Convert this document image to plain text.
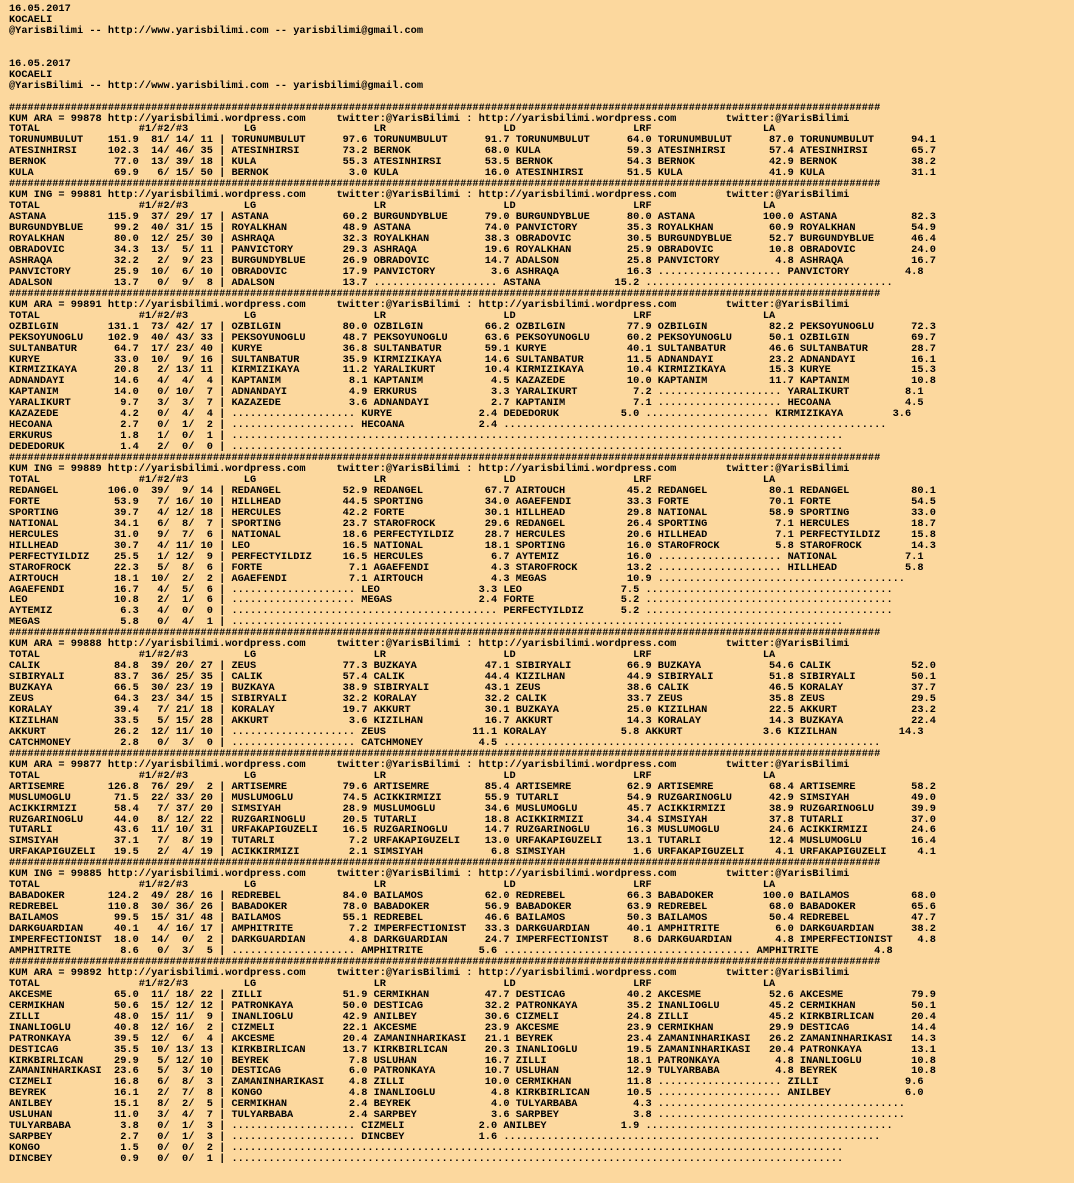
16.05.2017
KOCAELI
@YarisBilimi -- http://www.yarisbilimi.com -- yarisbilimi@gmail.com

16.05.2017
KOCAELI
@YarisBilimi -- http://www.yarisbilimi.com -- yarisbilimi@gmail.com

#############################################################################################################################################
KUM ARA = 99878 http://yarisbilimi.wordpress.com     twitter:@YarisBilimi : http://yarisbilimi.wordpress.com        twitter:@YarisBilimi
TOTAL                #1/#2/#3         LG                   LR                   LD                   LRF                  LA
TORUNUMBULUT    151.9  81/ 14/ 11 | TORUNUMBULUT      97.6 TORUNUMBULUT      91.7 TORUNUMBULUT      64.0 TORUNUMBULUT      87.0 TORUNUMBULUT      94.1
ATESINHIRSI     102.3  14/ 46/ 35 | ATESINHIRSI       73.2 BERNOK            68.0 KULA              59.3 ATESINHIRSI       57.4 ATESINHIRSI       65.7
BERNOK           77.0  13/ 39/ 18 | KULA              55.3 ATESINHIRSI       53.5 BERNOK            54.3 BERNOK            42.9 BERNOK            38.2
KULA             69.9   6/ 15/ 50 | BERNOK             3.0 KULA              16.0 ATESINHIRSI       51.5 KULA              41.9 KULA              31.1
#############################################################################################################################################
KUM ING = 99881 http://yarisbilimi.wordpress.com     twitter:@YarisBilimi : http://yarisbilimi.wordpress.com        twitter:@YarisBilimi
TOTAL                #1/#2/#3         LG                   LR                   LD                   LRF                  LA
ASTANA          115.9  37/ 29/ 17 | ASTANA            60.2 BURGUNDYBLUE      79.0 BURGUNDYBLUE      80.0 ASTANA           100.0 ASTANA            82.3
BURGUNDYBLUE     99.2  40/ 31/ 15 | ROYALKHAN         48.9 ASTANA            74.0 PANVICTORY        35.3 ROYALKHAN         60.9 ROYALKHAN         54.9
ROYALKHAN        80.0  12/ 25/ 30 | ASHRAQA           32.3 ROYALKHAN         38.3 OBRADOVIC         30.5 BURGUNDYBLUE      52.7 BURGUNDYBLUE      46.4
OBRADOVIC        34.3  13/  5/ 11 | PANVICTORY        29.3 ASHRAQA           19.6 ROYALKHAN         25.9 OBRADOVIC         10.8 OBRADOVIC         24.0
ASHRAQA          32.2   2/  9/ 23 | BURGUNDYBLUE      26.9 OBRADOVIC         14.7 ADALSON           25.8 PANVICTORY         4.8 ASHRAQA           16.7
PANVICTORY       25.9  10/  6/ 10 | OBRADOVIC         17.9 PANVICTORY         3.6 ASHRAQA           16.3 .................... PANVICTORY         4.8
ADALSON          13.7   0/  9/  8 | ADALSON           13.7 .................... ASTANA            15.2 ........................................
#############################################################################################################################################
KUM ARA = 99891 http://yarisbilimi.wordpress.com     twitter:@YarisBilimi : http://yarisbilimi.wordpress.com        twitter:@YarisBilimi
TOTAL                #1/#2/#3         LG                   LR                   LD                   LRF                  LA
OZBILGIN        131.1  73/ 42/ 17 | OZBILGIN          80.0 OZBILGIN          66.2 OZBILGIN          77.9 OZBILGIN          82.2 PEKSOYUNOGLU      72.3
PEKSOYUNOGLU    102.9  40/ 43/ 33 | PEKSOYUNOGLU      48.7 PEKSOYUNOGLU      63.6 PEKSOYUNOGLU      60.2 PEKSOYUNOGLU      50.1 OZBILGIN          69.7
SULTANBATUR      64.7  17/ 23/ 40 | KURYE             36.8 SULTANBATUR       59.1 KURYE             40.1 SULTANBATUR       46.6 SULTANBATUR       28.7
KURYE            33.0  10/  9/ 16 | SULTANBATUR       35.9 KIRMIZIKAYA       14.6 SULTANBATUR       11.5 ADNANDAYI         23.2 ADNANDAYI         16.1
KIRMIZIKAYA      20.8   2/ 13/ 11 | KIRMIZIKAYA       11.2 YARALIKURT        10.4 KIRMIZIKAYA       10.4 KIRMIZIKAYA       15.3 KURYE             15.3
ADNANDAYI        14.6   4/  4/  4 | KAPTANIM           8.1 KAPTANIM           4.5 KAZAZEDE          10.0 KAPTANIM          11.7 KAPTANIM          10.8
KAPTANIM         14.0   0/ 10/  7 | ADNANDAYI          4.9 ERKURUS            3.3 YARALIKURT         7.2 .................... YARALIKURT         8.1
YARALIKURT        9.7   3/  3/  7 | KAZAZEDE           3.6 ADNANDAYI          2.7 KAPTANIM           7.1 .................... HECOANA            4.5
KAZAZEDE          4.2   0/  4/  4 | .................... KURYE              2.4 DEDEDORUK          5.0 .................... KIRMIZIKAYA        3.6
HECOANA           2.7   0/  1/  2 | .................... HECOANA            2.4 ..............................................................
ERKURUS           1.8   1/  0/  1 | ...................................................................................................
DEDEDORUK         1.4   2/  0/  0 | ...................................................................................................
#############################################################################################################################################
KUM ING = 99889 http://yarisbilimi.wordpress.com     twitter:@YarisBilimi : http://yarisbilimi.wordpress.com        twitter:@YarisBilimi
TOTAL                #1/#2/#3         LG                   LR                   LD                   LRF                  LA
REDANGEL        106.0  39/  9/ 14 | REDANGEL          52.9 REDANGEL          67.7 AIRTOUCH          45.2 REDANGEL          80.1 REDANGEL          80.1
FORTE            53.9   7/ 16/ 10 | HILLHEAD          44.5 SPORTING          34.0 AGAEFENDI         33.3 FORTE             70.1 FORTE             54.5
SPORTING         39.7   4/ 12/ 18 | HERCULES          42.2 FORTE             30.1 HILLHEAD          29.8 NATIONAL          58.9 SPORTING          33.0
NATIONAL         34.1   6/  8/  7 | SPORTING          23.7 STAROFROCK        29.6 REDANGEL          26.4 SPORTING           7.1 HERCULES          18.7
HERCULES         31.0   9/  7/  6 | NATIONAL          18.6 PERFECTYILDIZ     28.7 HERCULES          20.6 HILLHEAD           7.1 PERFECTYILDIZ     15.8
HILLHEAD         30.7   4/ 11/ 10 | LEO               16.5 NATIONAL          18.1 SPORTING          16.0 STAROFROCK         5.8 STAROFROCK        14.3
PERFECTYILDIZ    25.5   1/ 12/  9 | PERFECTYILDIZ     16.5 HERCULES           6.7 AYTEMIZ           16.0 .................... NATIONAL           7.1
STAROFROCK       22.3   5/  8/  6 | FORTE              7.1 AGAEFENDI          4.3 STAROFROCK        13.2 .................... HILLHEAD           5.8
AIRTOUCH         18.1  10/  2/  2 | AGAEFENDI          7.1 AIRTOUCH           4.3 MEGAS             10.9 ........................................
AGAEFENDI        16.7   4/  5/  6 | .................... LEO                3.3 LEO                7.5 ........................................
LEO              10.8   2/  1/  6 | .................... MEGAS              2.4 FORTE              5.2 ........................................
AYTEMIZ           6.3   4/  0/  0 | ........................................... PERFECTYILDIZ      5.2 ........................................
MEGAS             5.8   0/  4/  1 | ...................................................................................................
#############################################################################################################################################
KUM ARA = 99888 http://yarisbilimi.wordpress.com     twitter:@YarisBilimi : http://yarisbilimi.wordpress.com        twitter:@YarisBilimi
TOTAL                #1/#2/#3         LG                   LR                   LD                   LRF                  LA
CALIK            84.8  39/ 20/ 27 | ZEUS              77.3 BUZKAYA           47.1 SIBIRYALI         66.9 BUZKAYA           54.6 CALIK             52.0
SIBIRYALI        83.7  36/ 25/ 35 | CALIK             57.4 CALIK             44.4 KIZILHAN          44.9 SIBIRYALI         51.8 SIBIRYALI         50.1
BUZKAYA          66.5  30/ 23/ 19 | BUZKAYA           38.9 SIBIRYALI         43.1 ZEUS              38.6 CALIK             46.5 KORALAY           37.7
ZEUS             64.3  23/ 34/ 15 | SIBIRYALI         32.2 KORALAY           32.2 CALIK             33.7 ZEUS              35.8 ZEUS              29.5
KORALAY          39.4   7/ 21/ 18 | KORALAY           19.7 AKKURT            30.1 BUZKAYA           25.0 KIZILHAN          22.5 AKKURT            23.2
KIZILHAN         33.5   5/ 15/ 28 | AKKURT             3.6 KIZILHAN          16.7 AKKURT            14.3 KORALAY           14.3 BUZKAYA           22.4
AKKURT           26.2  12/ 11/ 10 | .................... ZEUS              11.1 KORALAY            5.8 AKKURT             3.6 KIZILHAN          14.3
CATCHMONEY        2.8   0/  3/  0 | .................... CATCHMONEY         4.5 .............................................................
#############################################################################################################################################
KUM ARA = 99877 http://yarisbilimi.wordpress.com     twitter:@YarisBilimi : http://yarisbilimi.wordpress.com        twitter:@YarisBilimi
TOTAL                #1/#2/#3         LG                   LR                   LD                   LRF                  LA
ARTISEMRE       126.8  76/ 29/  2 | ARTISEMRE         79.6 ARTISEMRE         85.4 ARTISEMRE         62.9 ARTISEMRE         68.4 ARTISEMRE         58.2
MUSLUMOGLU       71.5  22/ 33/ 20 | MUSLUMOGLU        74.5 ACIKKIRMIZI       55.9 TUTARLI           54.9 RUZGARINOGLU      42.9 SIMSIYAH          49.0
ACIKKIRMIZI      58.4   7/ 37/ 20 | SIMSIYAH          28.9 MUSLUMOGLU        34.6 MUSLUMOGLU        45.7 ACIKKIRMIZI       38.9 RUZGARINOGLU      39.9
RUZGARINOGLU     44.0   8/ 12/ 22 | RUZGARINOGLU      20.5 TUTARLI           18.8 ACIKKIRMIZI       34.4 SIMSIYAH          37.8 TUTARLI           37.0
TUTARLI          43.6  11/ 10/ 31 | URFAKAPIGUZELI    16.5 RUZGARINOGLU      14.7 RUZGARINOGLU      16.3 MUSLUMOGLU        24.6 ACIKKIRMIZI       24.6
SIMSIYAH         37.1   7/  8/ 19 | TUTARLI            7.2 URFAKAPIGUZELI    13.0 URFAKAPIGUZELI    13.1 TUTARLI           12.4 MUSLUMOGLU        16.4
URFAKAPIGUZELI   19.5   2/  4/ 19 | ACIKKIRMIZI        2.1 SIMSIYAH           6.8 SIMSIYAH           1.6 URFAKAPIGUZELI     4.1 URFAKAPIGUZELI     4.1
#############################################################################################################################################
KUM ING = 99885 http://yarisbilimi.wordpress.com     twitter:@YarisBilimi : http://yarisbilimi.wordpress.com        twitter:@YarisBilimi
TOTAL                #1/#2/#3         LG                   LR                   LD                   LRF                  LA
BABADOKER       124.2  49/ 28/ 16 | REDREBEL          84.0 BAILAMOS          62.0 REDREBEL          66.3 BABADOKER        100.0 BAILAMOS          68.0
REDREBEL        110.8  30/ 36/ 26 | BABADOKER         78.0 BABADOKER         56.9 BABADOKER         63.9 REDREBEL          68.0 BABADOKER         65.6
BAILAMOS         99.5  15/ 31/ 48 | BAILAMOS          55.1 REDREBEL          46.6 BAILAMOS          50.3 BAILAMOS          50.4 REDREBEL          47.7
DARKGUARDIAN     40.1   4/ 16/ 17 | AMPHITRITE         7.2 IMPERFECTIONIST   33.3 DARKGUARDIAN      40.1 AMPHITRITE         6.0 DARKGUARDIAN      38.2
IMPERFECTIONIST  18.0  14/  0/  2 | DARKGUARDIAN       4.8 DARKGUARDIAN      24.7 IMPERFECTIONIST    8.6 DARKGUARDIAN       4.8 IMPERFECTIONIST    4.8
AMPHITRITE        8.6   0/  3/  5 | .................... AMPHITRITE         5.6 ........................................ AMPHITRITE         4.8
#############################################################################################################################################
KUM ARA = 99892 http://yarisbilimi.wordpress.com     twitter:@YarisBilimi : http://yarisbilimi.wordpress.com        twitter:@YarisBilimi
TOTAL                #1/#2/#3         LG                   LR                   LD                   LRF                  LA
AKCESME          65.0  11/ 18/ 22 | ZILLI             51.9 CERMIKHAN         47.7 DESTICAG          40.2 AKCESME           52.6 AKCESME           79.9
CERMIKHAN        50.6  15/ 12/ 12 | PATRONKAYA        50.0 DESTICAG          32.2 PATRONKAYA        35.2 INANLIOGLU        45.2 CERMIKHAN         50.1
ZILLI            48.0  15/ 11/  9 | INANLIOGLU        42.9 ANILBEY           30.6 CIZMELI           24.8 ZILLI             45.2 KIRKBIRLICAN      20.4
INANLIOGLU       40.8  12/ 16/  2 | CIZMELI           22.1 AKCESME           23.9 AKCESME           23.9 CERMIKHAN         29.9 DESTICAG          14.4
PATRONKAYA       39.5  12/  6/  4 | AKCESME           20.4 ZAMANINHARIKASI   21.1 BEYREK            23.4 ZAMANINHARIKASI   26.2 ZAMANINHARIKASI   14.3
DESTICAG         35.5  10/ 13/ 13 | KIRKBIRLICAN      13.7 KIRKBIRLICAN      20.3 INANLIOGLU        19.5 ZAMANINHARIKASI   20.4 PATRONKAYA        13.1
KIRKBIRLICAN     29.9   5/ 12/ 10 | BEYREK             7.8 USLUHAN           16.7 ZILLI             18.1 PATRONKAYA         4.8 INANLIOGLU        10.8
ZAMANINHARIKASI  23.6   5/  3/ 10 | DESTICAG           6.0 PATRONKAYA        10.7 USLUHAN           12.9 TULYARBABA         4.8 BEYREK            10.8
CIZMELI          16.8   6/  8/  3 | ZAMANINHARIKASI    4.8 ZILLI             10.0 CERMIKHAN         11.8 .................... ZILLI              9.6
BEYREK           16.1   2/  7/  8 | KONGO              4.8 INANLIOGLU         4.8 KIRKBIRLICAN      10.5 .................... ANILBEY            6.0
ANILBEY          15.1   8/  2/  5 | CERMIKHAN          2.4 BEYREK             4.0 TULYARBABA         4.3 ........................................
USLUHAN          11.0   3/  4/  7 | TULYARBABA         2.4 SARPBEY            3.6 SARPBEY            3.8 ........................................
TULYARBABA        3.8   0/  1/  3 | .................... CIZMELI            2.0 ANILBEY            1.9 ........................................
SARPBEY           2.7   0/  1/  3 | .................... DINCBEY            1.6 .............................................................
KONGO             1.5   0/  0/  2 | ...................................................................................................
DINCBEY           0.9   0/  0/  1 | ...................................................................................................
